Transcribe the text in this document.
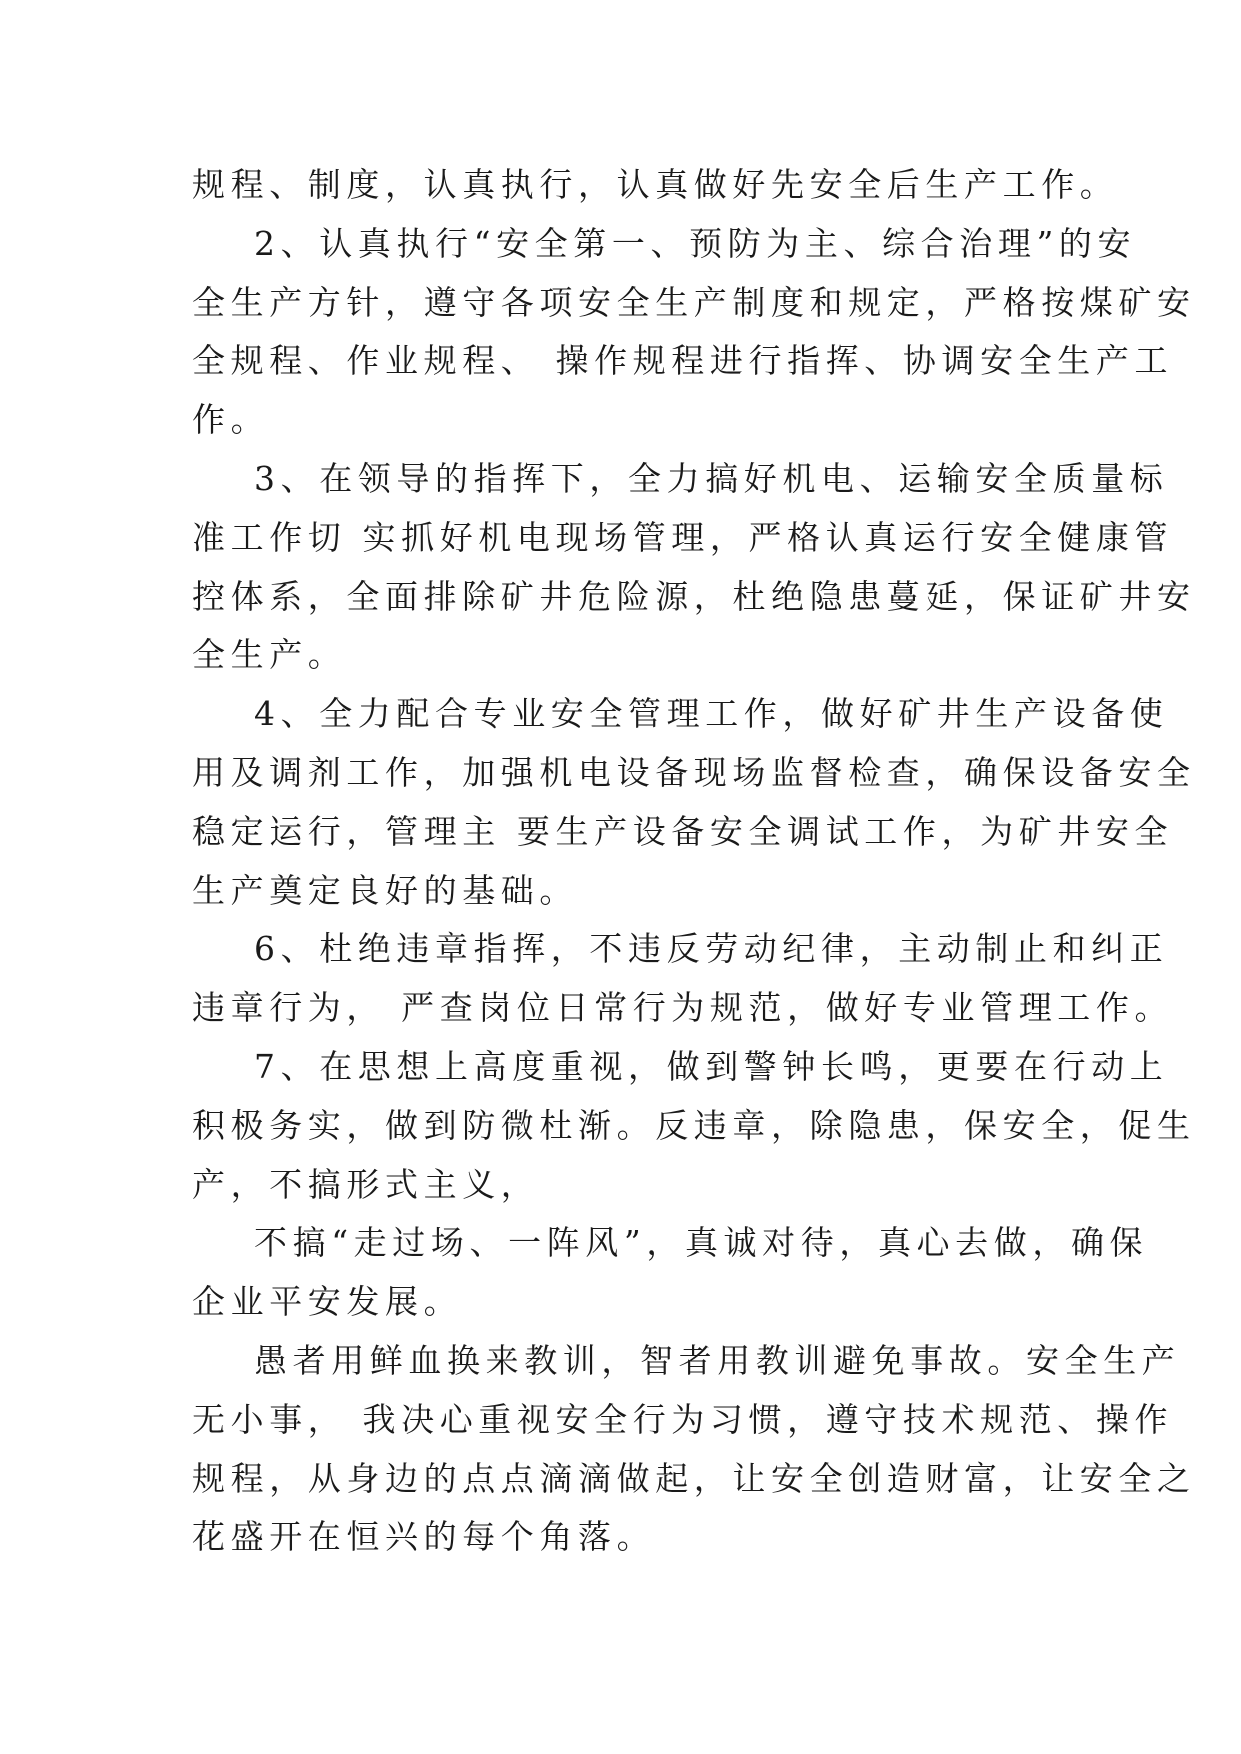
规程、制度，认真执行，认真做好先安全后生产工作。
2、认真执行“安全第一、预防为主、综合治理”的安
全生产方针，遵守各项安全生产制度和规定，严格按煤矿安
全规程、作业规程、 操作规程进行指挥、协调安全生产工
作。
3、在领导的指挥下，全力搞好机电、运输安全质量标
准工作切 实抓好机电现场管理，严格认真运行安全健康管
控体系，全面排除矿井危险源，杜绝隐患蔓延，保证矿井安
全生产。
4、全力配合专业安全管理工作，做好矿井生产设备使
用及调剂工作，加强机电设备现场监督检查，确保设备安全
稳定运行，管理主 要生产设备安全调试工作，为矿井安全
生产奠定良好的基础。
6、杜绝违章指挥，不违反劳动纪律，主动制止和纠正
违章行为， 严查岗位日常行为规范，做好专业管理工作。
7、在思想上高度重视，做到警钟长鸣，更要在行动上
积极务实，做到防微杜渐。反违章，除隐患，保安全，促生
产，不搞形式主义，
不搞“走过场、一阵风”，真诚对待，真心去做，确保
企业平安发展。
愚者用鲜血换来教训，智者用教训避免事故。安全生产
无小事， 我决心重视安全行为习惯，遵守技术规范、操作
规程，从身边的点点滴滴做起，让安全创造财富，让安全之
花盛开在恒兴的每个角落。
